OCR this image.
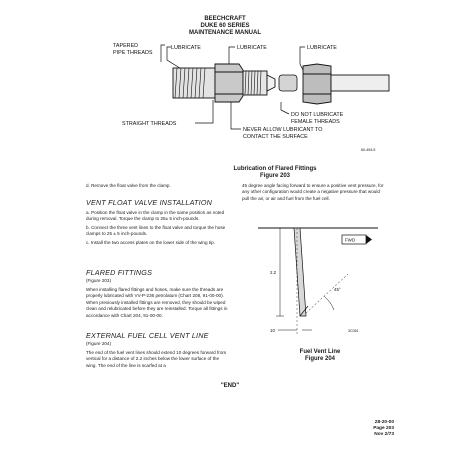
BEECHCRAFT
DUKE 60 SERIES
MAINTENANCE MANUAL
TAPERED
PIPE THREADS
LUBRICATE	LUBRICATE	LUBRICATE
DO NOT LUBRICATE
FEMALE THREADS
STRAIGHT THREADS
NEVER ALLOW LUBRICANT TO
CONTACT THE SURFACE
60-494-5
Lubrication of Flared Fittings
Figure 203
d. Remove the float valve from the clamp.
VENT FLOAT VALVE INSTALLATION
a. Position the float valve in the clamp in the same position as noted during removal. Torque the clamp to 25± 5 inch-pounds.
b. Connect the three vent lines to the float valve and torque the hose clamps to 25 ± 5 inch-pounds.
c. Install the two access plates on the lower side of the wing tip.
FLARED FITTINGS
(Figure 203)
When installing flared fittings and hoses, make sure the threads are properly lubricated with VV-P-236 petrolatum (Chart 208, 91-00-00). When previously installed fittings are removed, they should be wiped clean and relubricated before they are reinstalled. Torque all fittings in accordance with Chart 204, 91-00-00.
EXTERNAL FUEL CELL VENT LINE
(Figure 204)
The end of the fuel vent lines should extend 10 degrees forward from vertical for a distance of 2.2 inches below the lower surface of the wing. The end of the line is scarfed at a
45 degree angle facing forward to ensure a positive vent pressure, for any other configuration would create a negative pressure that would pull the air, or air and fuel from the fuel cell.
FWD
45°
2.2
10	3C051
Fuel Vent Line
Figure 204
"END"
28-20-00
Page 203
Nov 2/73
